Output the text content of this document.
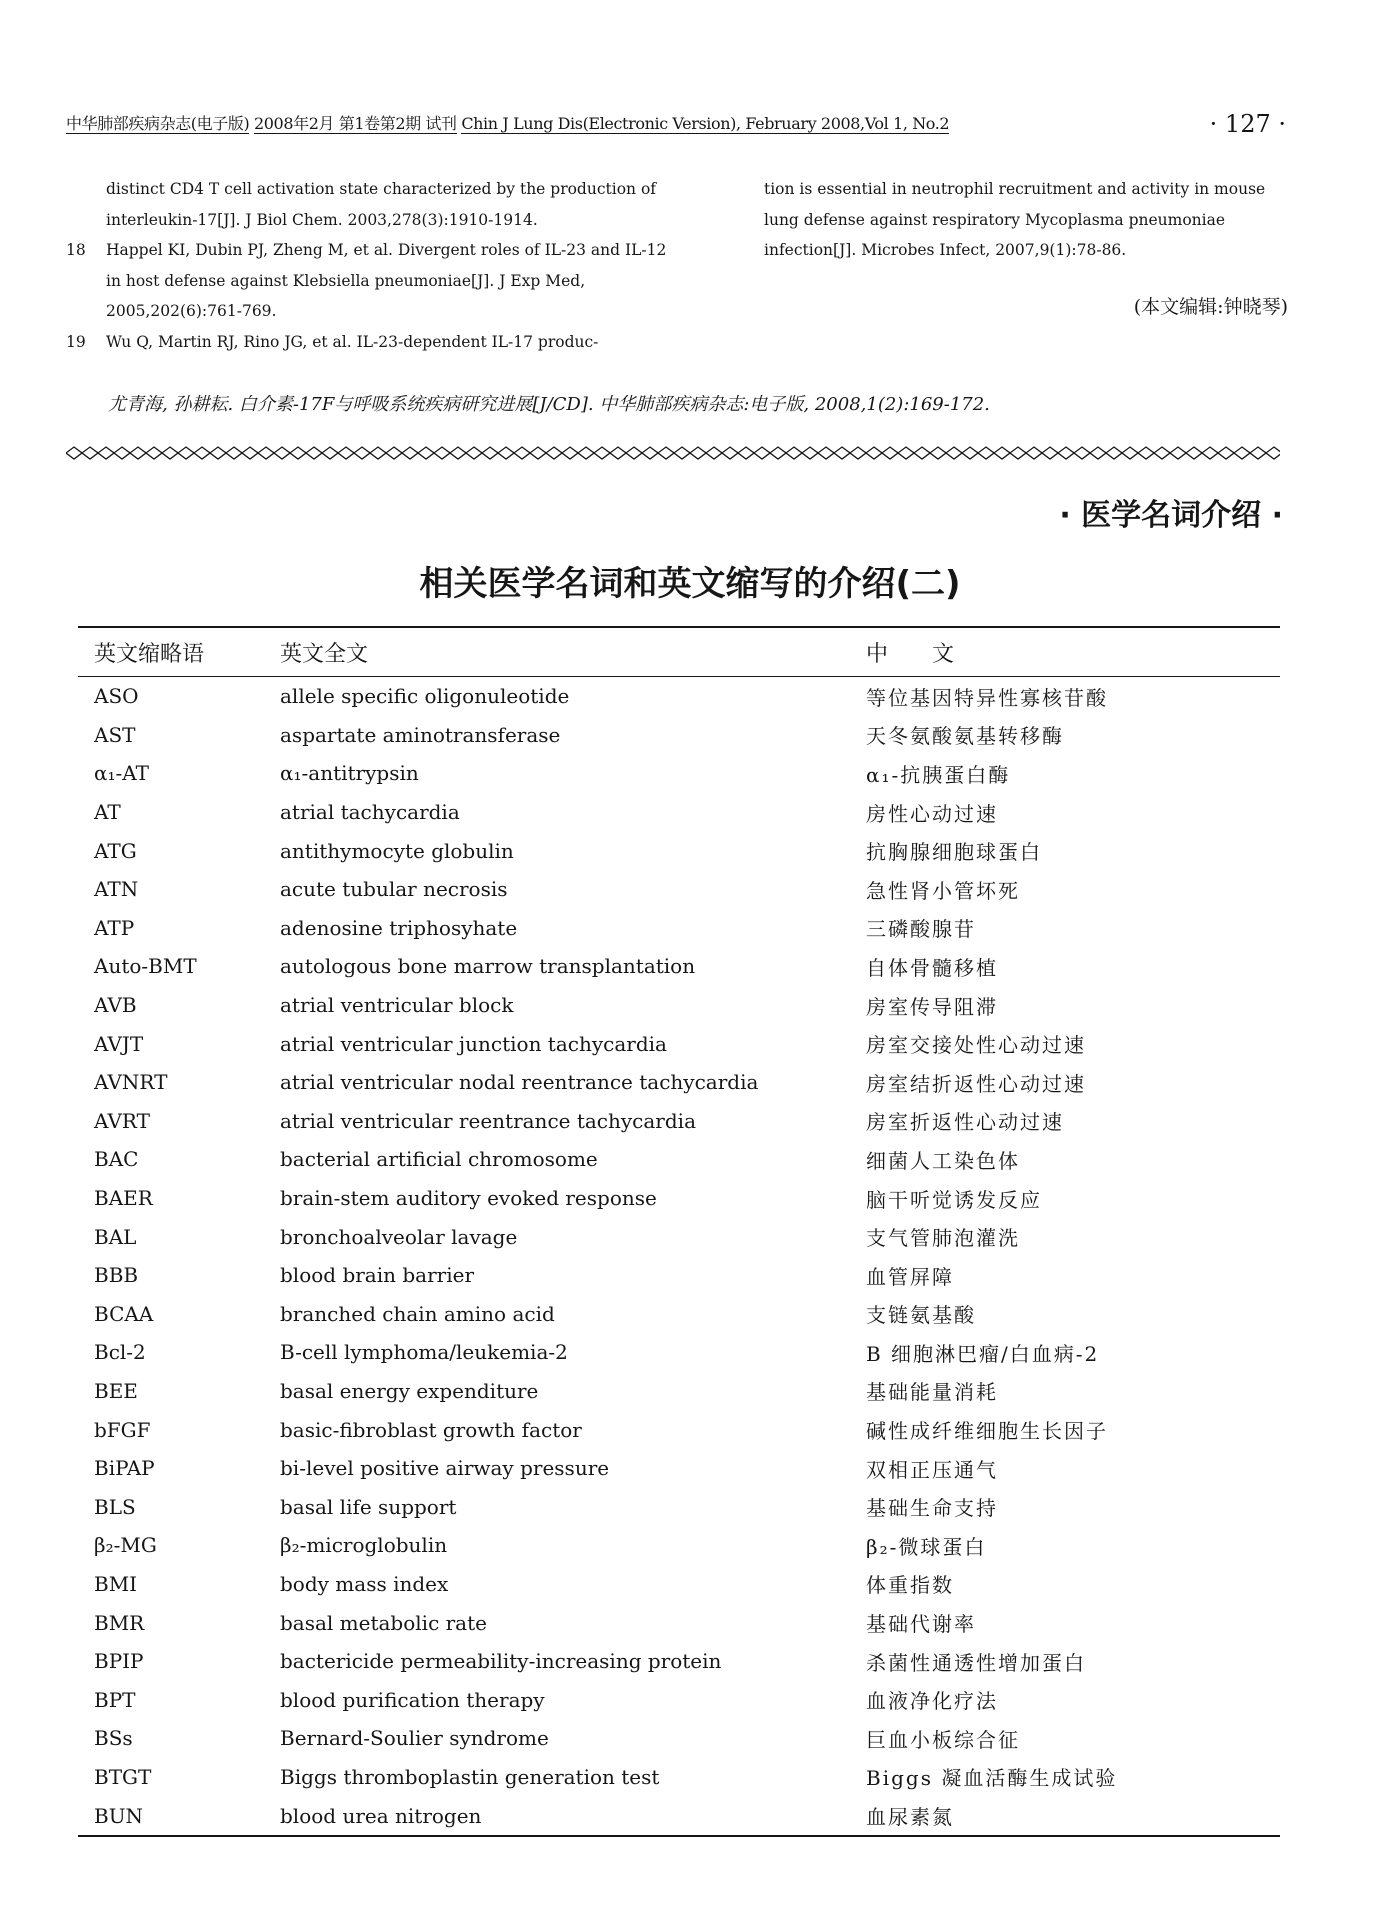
中华肺部疾病杂志(电子版) 2008年2月 第1卷第2期 试刊 Chin J Lung Dis(Electronic Version), February 2008,Vol 1, No.2	· 127 ·
distinct CD4 T cell activation state characterized by the production of interleukin-17[J]. J Biol Chem. 2003,278(3):1910-1914.
18 Happel KI, Dubin PJ, Zheng M, et al. Divergent roles of IL-23 and IL-12 in host defense against Klebsiella pneumoniae[J]. J Exp Med, 2005,202(6):761-769.
19 Wu Q, Martin RJ, Rino JG, et al. IL-23-dependent IL-17 produc-
tion is essential in neutrophil recruitment and activity in mouse lung defense against respiratory Mycoplasma pneumoniae infection[J]. Microbes Infect, 2007,9(1):78-86.
(本文编辑:钟晓琴)
尤青海, 孙耕耘. 白介素-17F与呼吸系统疾病研究进展[J/CD]. 中华肺部疾病杂志:电子版, 2008,1(2):169-172.
· 医学名词介绍 ·
相关医学名词和英文缩写的介绍(二)
英文缩略语	英文全文	中　　文
ASO	allele specific oligonuleotide	等位基因特异性寡核苷酸
AST	aspartate aminotransferase	天冬氨酸氨基转移酶
α₁-AT	α₁-antitrypsin	α₁-抗胰蛋白酶
AT	atrial tachycardia	房性心动过速
ATG	antithymocyte globulin	抗胸腺细胞球蛋白
ATN	acute tubular necrosis	急性肾小管坏死
ATP	adenosine triphosyhate	三磷酸腺苷
Auto-BMT	autologous bone marrow transplantation	自体骨髓移植
AVB	atrial ventricular block	房室传导阻滞
AVJT	atrial ventricular junction tachycardia	房室交接处性心动过速
AVNRT	atrial ventricular nodal reentrance tachycardia	房室结折返性心动过速
AVRT	atrial ventricular reentrance tachycardia	房室折返性心动过速
BAC	bacterial artificial chromosome	细菌人工染色体
BAER	brain-stem auditory evoked response	脑干听觉诱发反应
BAL	bronchoalveolar lavage	支气管肺泡灌洗
BBB	blood brain barrier	血管屏障
BCAA	branched chain amino acid	支链氨基酸
Bcl-2	B-cell lymphoma/leukemia-2	B 细胞淋巴瘤/白血病-2
BEE	basal energy expenditure	基础能量消耗
bFGF	basic-fibroblast growth factor	碱性成纤维细胞生长因子
BiPAP	bi-level positive airway pressure	双相正压通气
BLS	basal life support	基础生命支持
β₂-MG	β₂-microglobulin	β₂-微球蛋白
BMI	body mass index	体重指数
BMR	basal metabolic rate	基础代谢率
BPIP	bactericide permeability-increasing protein	杀菌性通透性增加蛋白
BPT	blood purification therapy	血液净化疗法
BSs	Bernard-Soulier syndrome	巨血小板综合征
BTGT	Biggs thromboplastin generation test	Biggs 凝血活酶生成试验
BUN	blood urea nitrogen	血尿素氮
